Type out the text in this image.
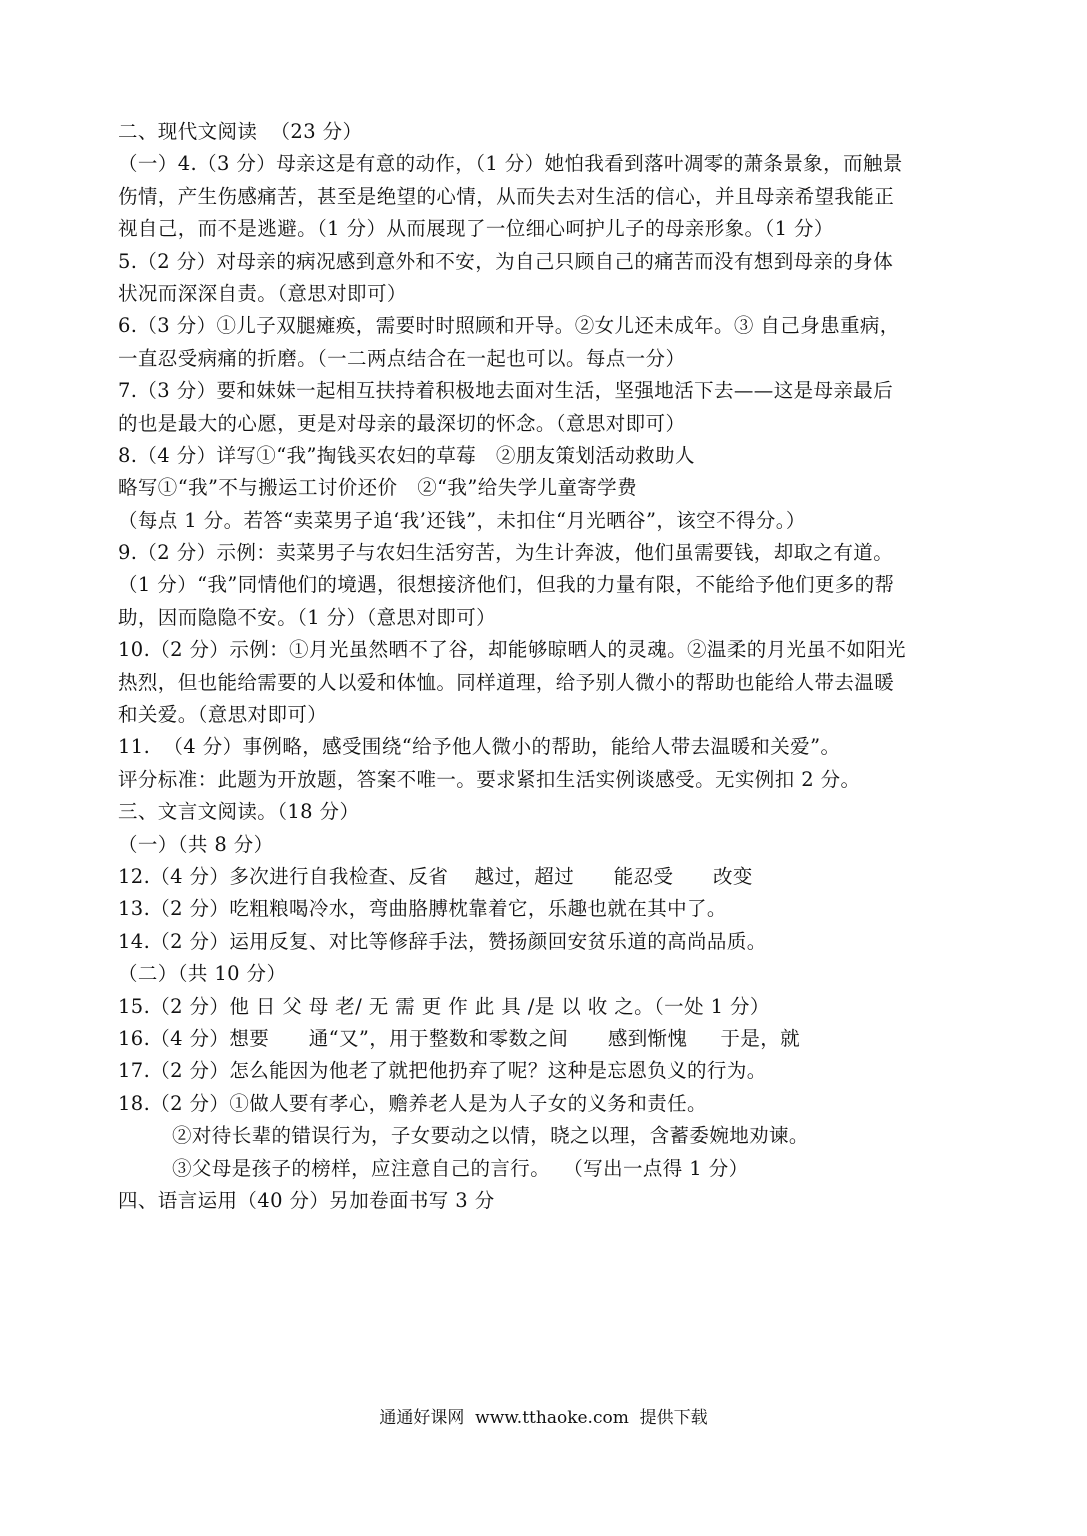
二、现代文阅读  （23 分）
（一）4.（3 分）母亲这是有意的动作，（1 分）她怕我看到落叶凋零的萧条景象，而触景
伤情，产生伤感痛苦，甚至是绝望的心情，从而失去对生活的信心，并且母亲希望我能正
视自己，而不是逃避。（1 分）从而展现了一位细心呵护儿子的母亲形象。（1 分）
5.（2 分）对母亲的病况感到意外和不安，为自己只顾自己的痛苦而没有想到母亲的身体
状况而深深自责。（意思对即可）
6.（3 分）①儿子双腿瘫痪，需要时时照顾和开导。②女儿还未成年。③ 自己身患重病，
一直忍受病痛的折磨。（一二两点结合在一起也可以。每点一分）
7.（3 分）要和妹妹一起相互扶持着积极地去面对生活，坚强地活下去——这是母亲最后
的也是最大的心愿，更是对母亲的最深切的怀念。（意思对即可）
8.（4 分）详写①“我”掏钱买农妇的草莓   ②朋友策划活动救助人
略写①“我”不与搬运工讨价还价   ②“我”给失学儿童寄学费
（每点 1 分。若答“卖菜男子追‘我’还钱”，未扣住“月光晒谷”，该空不得分。）
9.（2 分）示例：卖菜男子与农妇生活穷苦，为生计奔波，他们虽需要钱，却取之有道。
（1 分）“我”同情他们的境遇，很想接济他们，但我的力量有限，不能给予他们更多的帮
助，因而隐隐不安。（1 分）（意思对即可）
10.（2 分）示例：①月光虽然晒不了谷，却能够晾晒人的灵魂。②温柔的月光虽不如阳光
热烈，但也能给需要的人以爱和体恤。同样道理，给予别人微小的帮助也能给人带去温暖
和关爱。（意思对即可）
11.  （4 分）事例略，感受围绕“给予他人微小的帮助，能给人带去温暖和关爱”。
评分标准：此题为开放题，答案不唯一。要求紧扣生活实例谈感受。无实例扣 2 分。
三、文言文阅读。（18 分）
（一）（共 8 分）
12.（4 分）多次进行自我检查、反省    越过，超过      能忍受      改变
13.（2 分）吃粗粮喝冷水，弯曲胳膊枕靠着它，乐趣也就在其中了。
14.（2 分）运用反复、对比等修辞手法，赞扬颜回安贫乐道的高尚品质。
（二）（共 10 分）
15.（2 分）他 日 父 母 老/ 无 需 更 作 此 具 /是 以 收 之。（一处 1 分）
16.（4 分）想要      通“又”，用于整数和零数之间      感到惭愧     于是，就
17.（2 分）怎么能因为他老了就把他扔弃了呢？这种是忘恩负义的行为。
18.（2 分）①做人要有孝心，赡养老人是为人子女的义务和责任。
②对待长辈的错误行为，子女要动之以情，晓之以理，含蓄委婉地劝谏。
③父母是孩子的榜样，应注意自己的言行。  （写出一点得 1 分）
四、语言运用（40 分）另加卷面书写 3 分
通通好课网  www.tthaoke.com  提供下载
